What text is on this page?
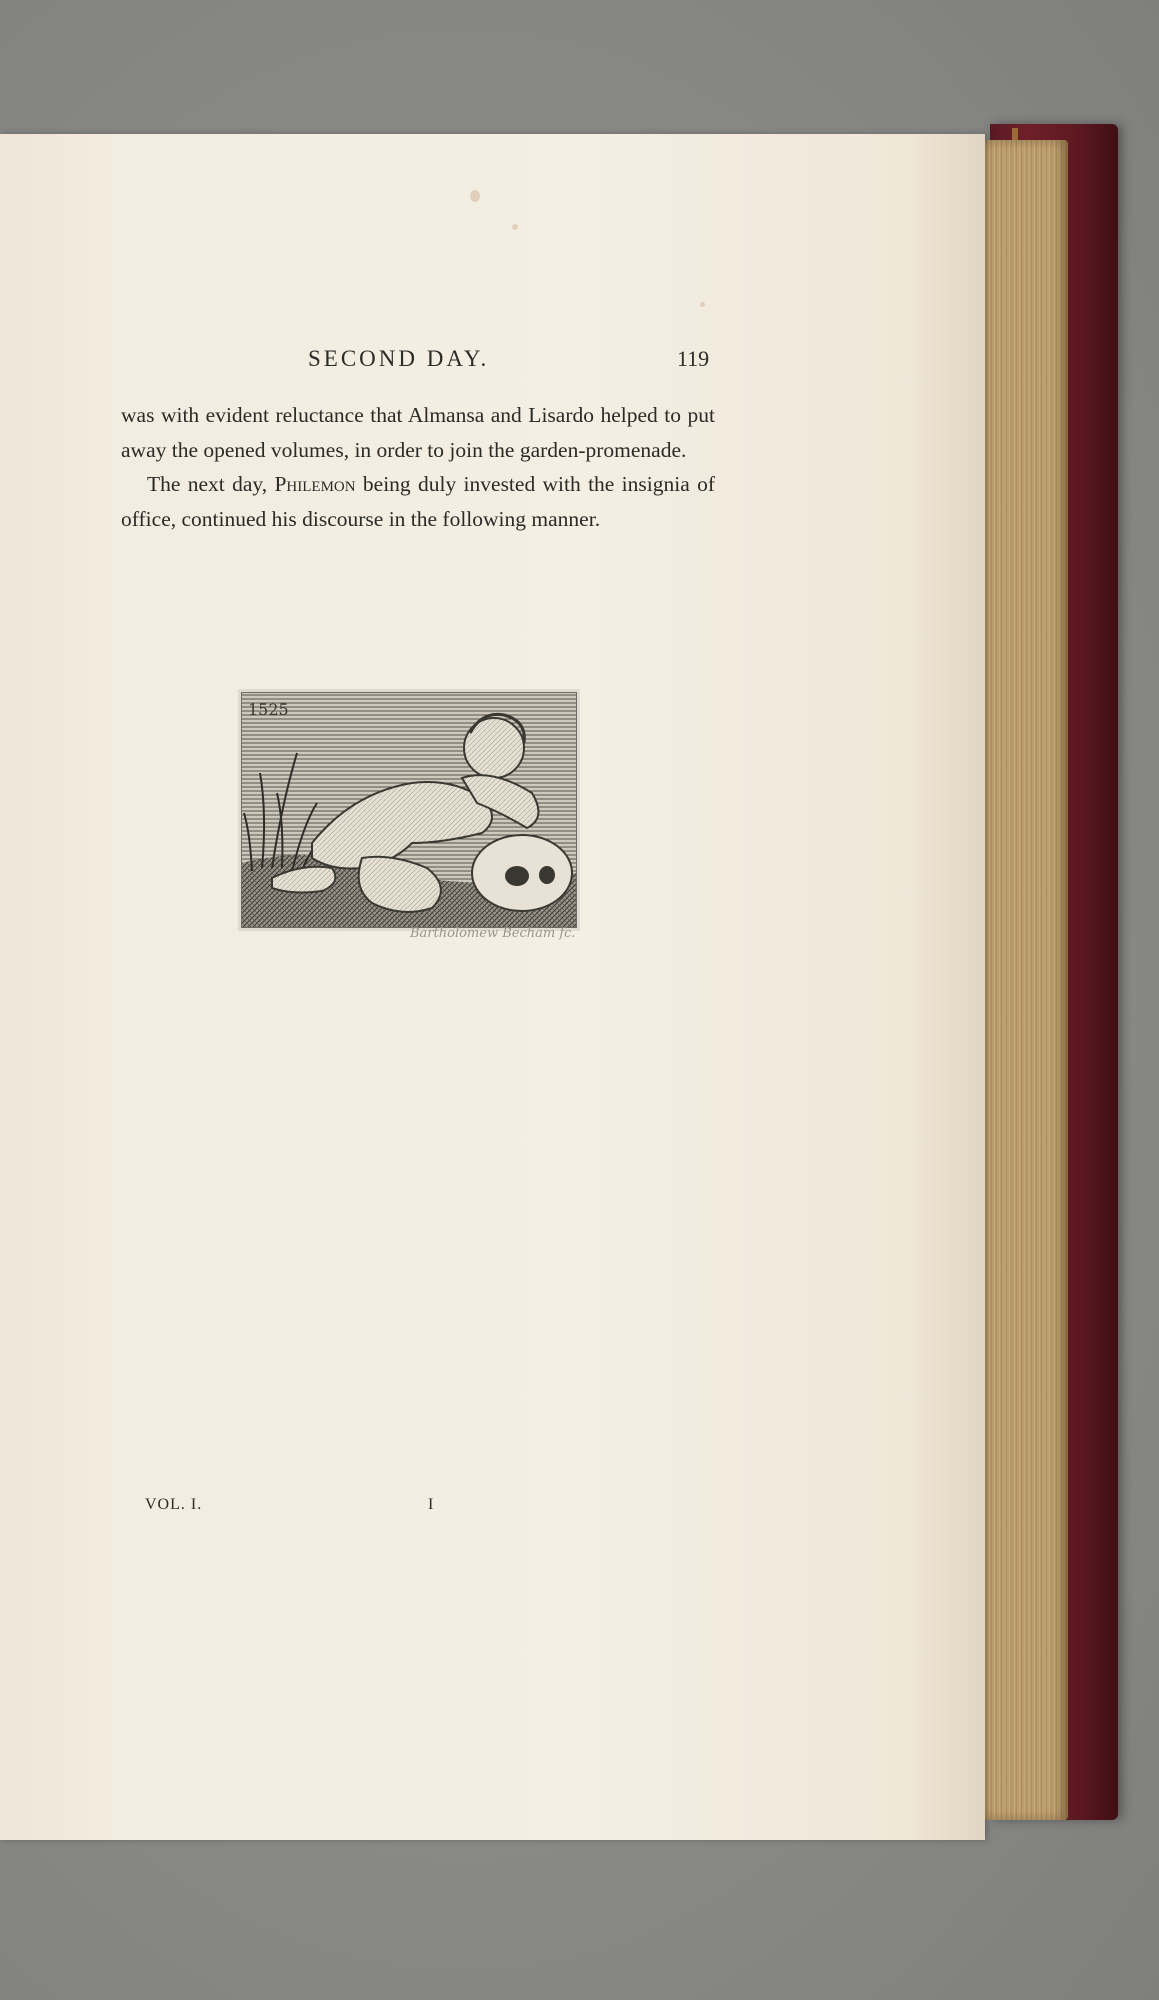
SECOND DAY.	119

was with evident reluctance that Almansa and Lisardo helped to put away the opened volumes, in order to join the garden-promenade.

The next day, Philemon being duly invested with the insignia of office, continued his discourse in the following manner.

1525
Bartholomew Becham fc.
VOL. I.	I
